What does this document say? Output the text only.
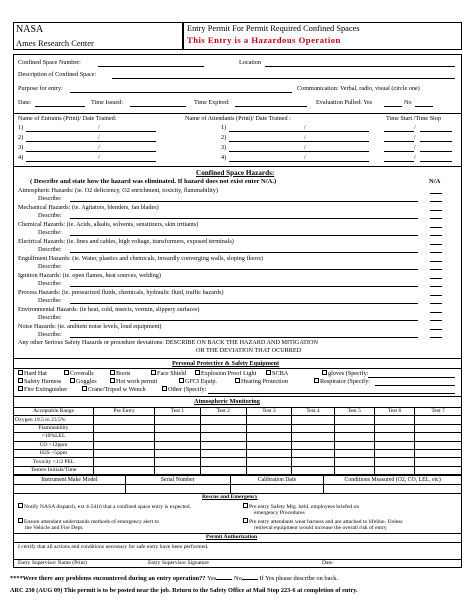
NASA
Ames Research Center
Entry Permit For Permit Required Confined Spaces
This Entry is a Hazardous Operation
Confined Space Number:	Location
Description of Confined Space:
Purpose for entry:	Communication: Verbal, radio, visual (circle one)
Date:	Time Issued:	Time Expired:	Evaluation Pulled: Yes	No
Name of Entrants (Print)/ Date Trained:	Name of Attendants (Print)/ Date Trained :	Time Start /Time Stop
1)	/	1)	/	/
2)	/	2)	/	/
3)	/	3)	/	/
4)	/	4)	/	/
Confined Space Hazards:
( Describe and state how the hazard was eliminated. If hazard does not exist enter N/A.)	N/A
Atmospheric Hazards: (ie. O2 deficiency, O2 enrichment, toxicity, flammability)
Describe:
Mechanical Hazards: (ie. Agitators, blenders, fan blades)
Describe:
Chemical Hazards: (ie. Acids, alkalis, solvents, sensitizers, skin irritants)
Describe:
Electrical Hazards: (ie. lines and cables, high voltage, transformers, exposed terminals)
Describe:
Engulfment Hazards: (ie. Water, plastics and chemicals, inwardly converging walls, sloping floors)
Describe:
Ignition Hazards: (ie. open flames, heat sources, welding)
Describe:
Process Hazards: (ie. pressurized fluids, chemicals, hydraulic fluid, traffic hazards)
Describe:
Environmental Hazards: (ie heat, cold, insects, vermin, slippery surfaces)
Describe:
Noise Hazards: (ie. ambient noise levels, loud equipment)
Describe:
Any other Serious Safety Hazards or procedure deviations: DESCRIBE ON BACK THE HAZARD AND MITIGATION
OR THE DEVIATION THAT OCURRED
Personal Protective & Safety Equipment
Hard Hat	Coveralls	Boots	Face Shield	Explosion Proof Light	SCBA	gloves (Specify:
Safety Harness	Goggles	Hot work permit	GFCI Equip.	Hearing Protection	Respirator (Specify:
Fire Extinguisher	Crane/Tripod w Wench	Other (Specify:
Atmospheric Monitoring
Acceptable Range	Pre Entry	Test 1	Test 2	Test 3	Test 4	Test 5	Test 6	Test 7
Oxygen 19.5 to 23.5%								
Flammability								
<10%LEL								
CO <12ppm								
H2S <5ppm								
Toxicity <1/2 PEL								
Testers Initials/Time								
Instrument Make Model	Serial Number	Calibration Date	Conditions Measured (O2, CO, LEL, etc)

Rescue and Emergency
Notify NASA dispatch, ext 4-5416 that a confined space entry is expected.	Pre entry Safety Mtg. held, employees briefed on
emergency Procedures
Ensure attendant understands methods of emergency alert to	Pre entry attendants wear harness and are attached to lifeline. Unless
the Vehicle and Fire Dept.	retrieval equipment would increase the overall risk of entry
Permit Authorization
I certify that all actions and conditions necessary for safe entry have been performed.
Entry Supervisor Name (Print)	Entry Supervisor Signature	Date
****Were there any problems encountered during an entry operation?? Yes	No	If Yes please describe on back.
ARC 230 (AUG 09) This permit is to be posted near the job. Return to the Safety Office at Mail Stop 223-6 at completion of entry.
